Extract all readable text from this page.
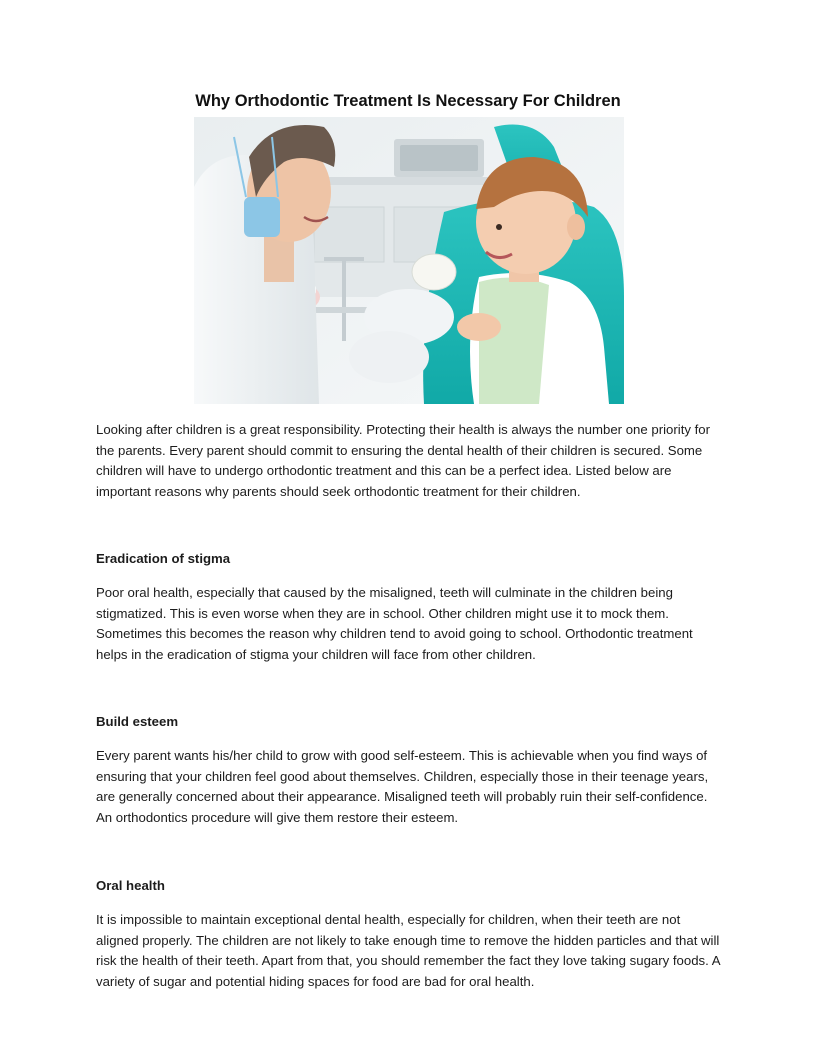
Why Orthodontic Treatment Is Necessary For Children

Looking after children is a great responsibility. Protecting their health is always the number one priority for the parents. Every parent should commit to ensuring the dental health of their children is secured. Some children will have to undergo orthodontic treatment and this can be a perfect idea. Listed below are important reasons why parents should seek orthodontic treatment for their children.

Eradication of stigma

Poor oral health, especially that caused by the misaligned, teeth will culminate in the children being stigmatized. This is even worse when they are in school. Other children might use it to mock them. Sometimes this becomes the reason why children tend to avoid going to school. Orthodontic treatment helps in the eradication of stigma your children will face from other children.

Build esteem

Every parent wants his/her child to grow with good self-esteem. This is achievable when you find ways of ensuring that your children feel good about themselves. Children, especially those in their teenage years, are generally concerned about their appearance. Misaligned teeth will probably ruin their self-confidence. An orthodontics procedure will give them restore their esteem.

Oral health

It is impossible to maintain exceptional dental health, especially for children, when their teeth are not aligned properly. The children are not likely to take enough time to remove the hidden particles and that will risk the health of their teeth. Apart from that, you should remember the fact they love taking sugary foods. A variety of sugar and potential hiding spaces for food are bad for oral health.
